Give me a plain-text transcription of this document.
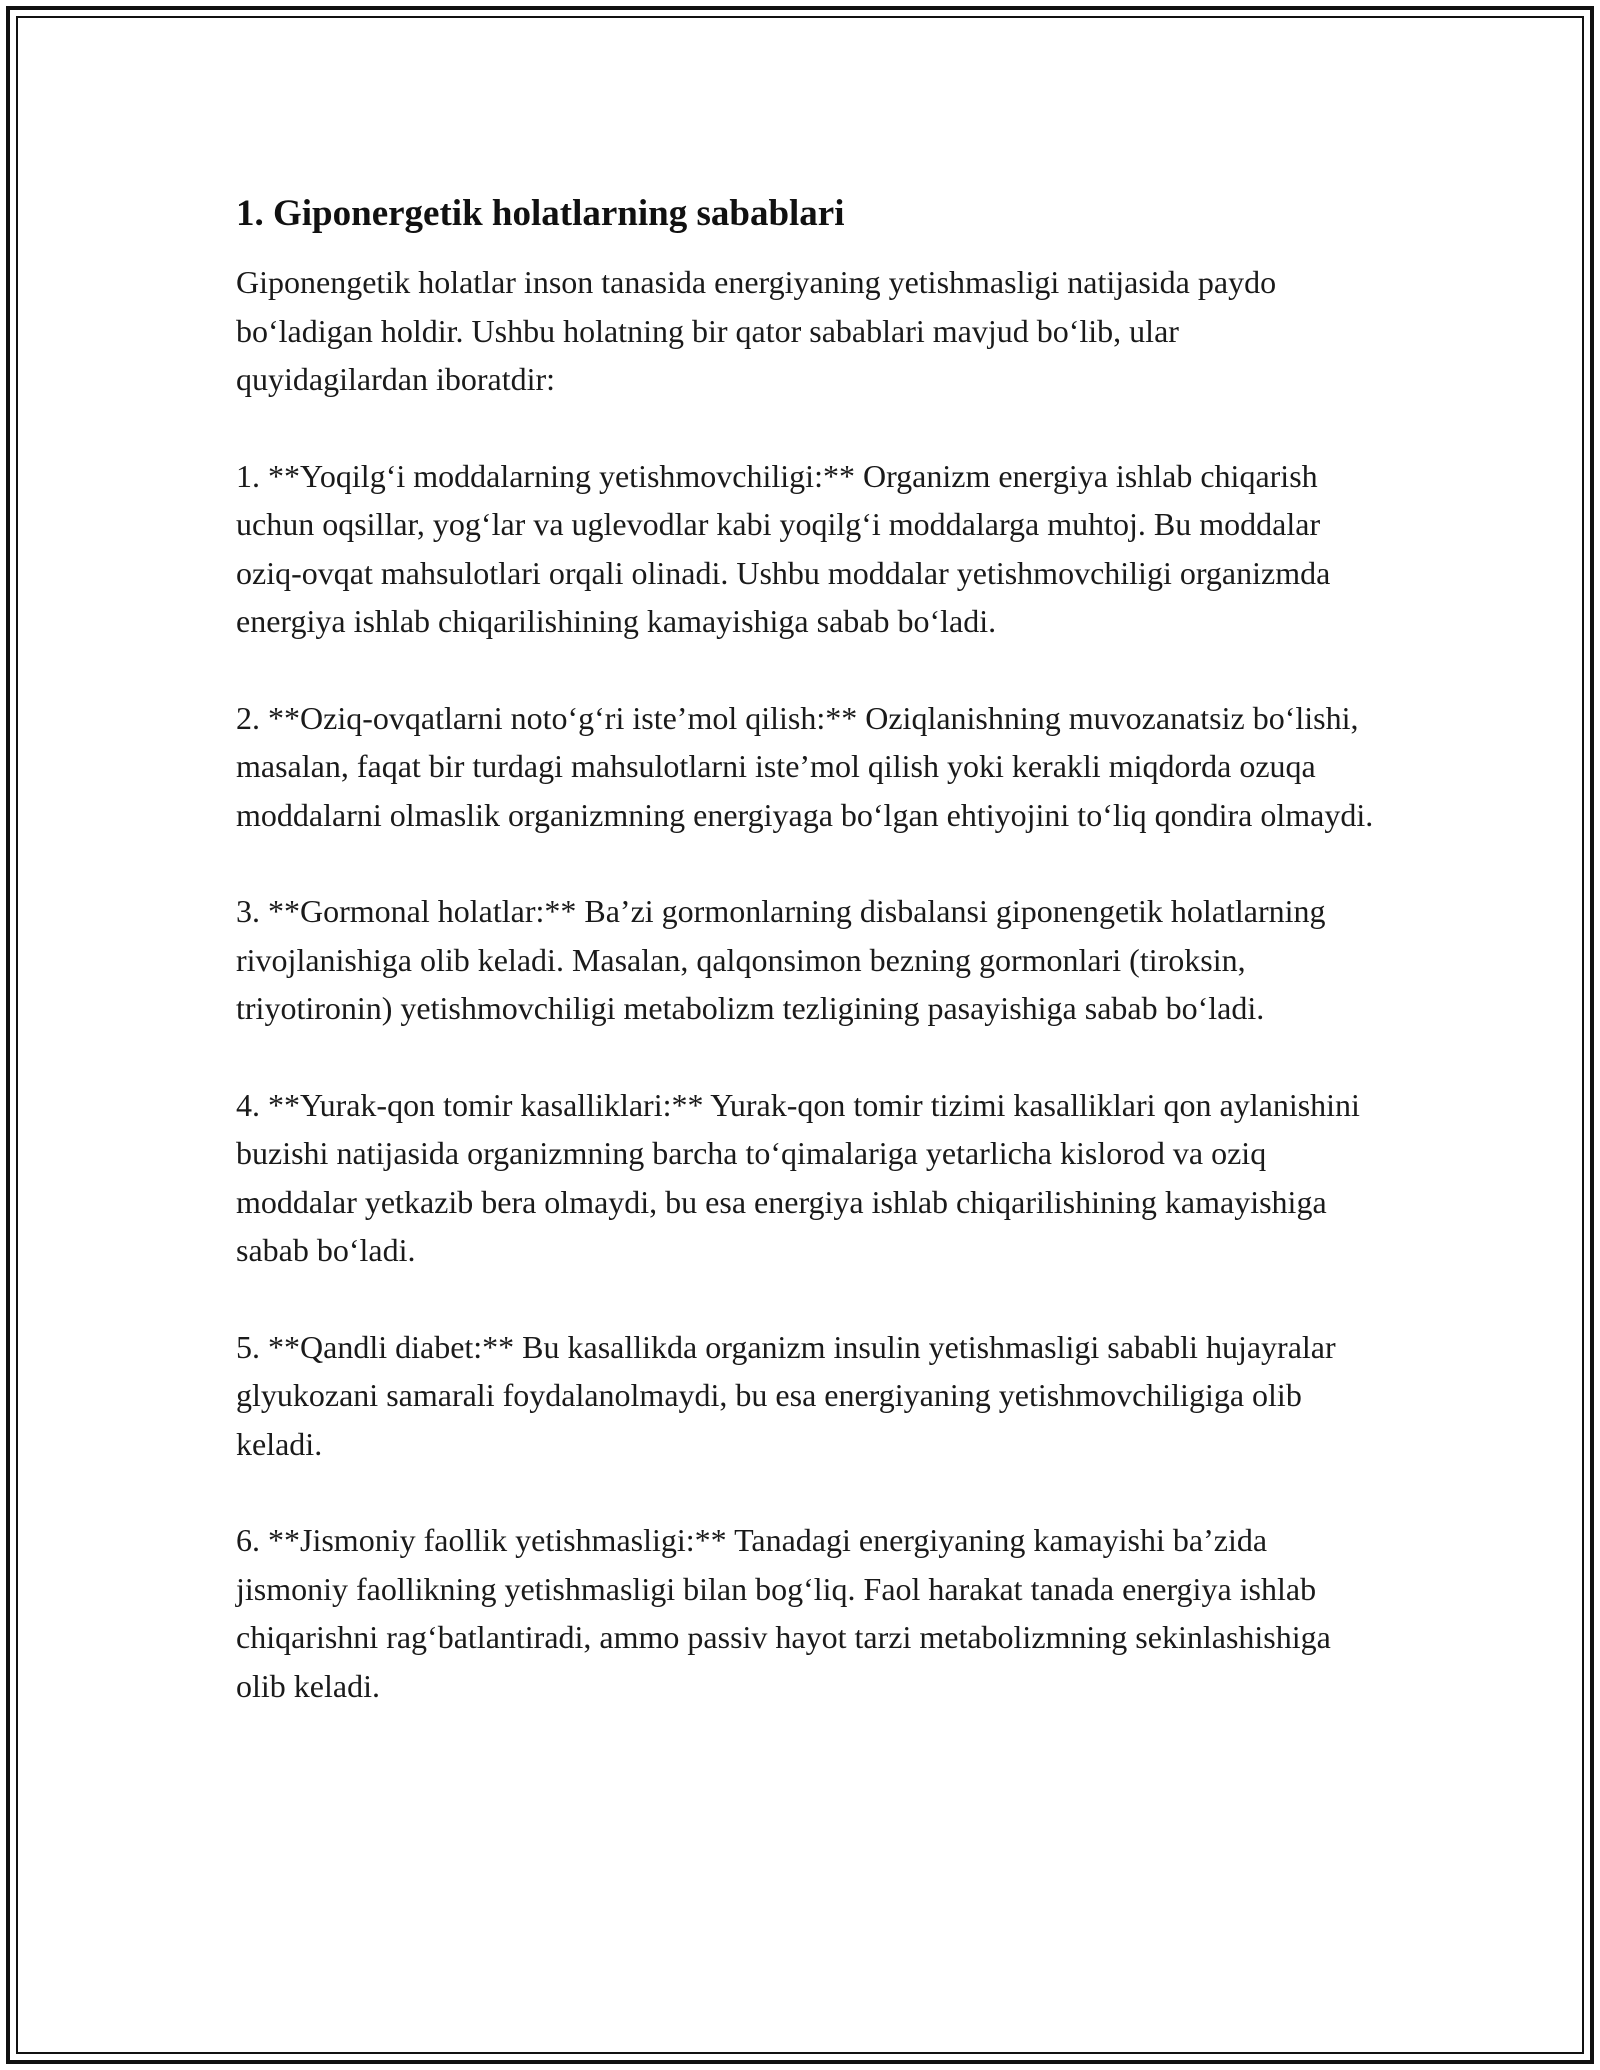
1. Giponergetik holatlarning sabablari

Giponengetik holatlar inson tanasida energiyaning yetishmasligi natijasida paydo bo‘ladigan holdir. Ushbu holatning bir qator sabablari mavjud bo‘lib, ular quyidagilardan iboratdir:

1. **Yoqilg‘i moddalarning yetishmovchiligi:** Organizm energiya ishlab chiqarish uchun oqsillar, yog‘lar va uglevodlar kabi yoqilg‘i moddalarga muhtoj. Bu moddalar oziq-ovqat mahsulotlari orqali olinadi. Ushbu moddalar yetishmovchiligi organizmda energiya ishlab chiqarilishining kamayishiga sabab bo‘ladi.

2. **Oziq-ovqatlarni noto‘g‘ri iste’mol qilish:** Oziqlanishning muvozanatsiz bo‘lishi, masalan, faqat bir turdagi mahsulotlarni iste’mol qilish yoki kerakli miqdorda ozuqa moddalarni olmaslik organizmning energiyaga bo‘lgan ehtiyojini to‘liq qondira olmaydi.

3. **Gormonal holatlar:** Ba’zi gormonlarning disbalansi giponengetik holatlarning rivojlanishiga olib keladi. Masalan, qalqonsimon bezning gormonlari (tiroksin, triyotironin) yetishmovchiligi metabolizm tezligining pasayishiga sabab bo‘ladi.

4. **Yurak-qon tomir kasalliklari:** Yurak-qon tomir tizimi kasalliklari qon aylanishini buzishi natijasida organizmning barcha to‘qimalariga yetarlicha kislorod va oziq moddalar yetkazib bera olmaydi, bu esa energiya ishlab chiqarilishining kamayishiga sabab bo‘ladi.

5. **Qandli diabet:** Bu kasallikda organizm insulin yetishmasligi sababli hujayralar glyukozani samarali foydalanolmaydi, bu esa energiyaning yetishmovchiligiga olib keladi.

6. **Jismoniy faollik yetishmasligi:** Tanadagi energiyaning kamayishi ba’zida jismoniy faollikning yetishmasligi bilan bog‘liq. Faol harakat tanada energiya ishlab chiqarishni rag‘batlantiradi, ammo passiv hayot tarzi metabolizmning sekinlashishiga olib keladi.
